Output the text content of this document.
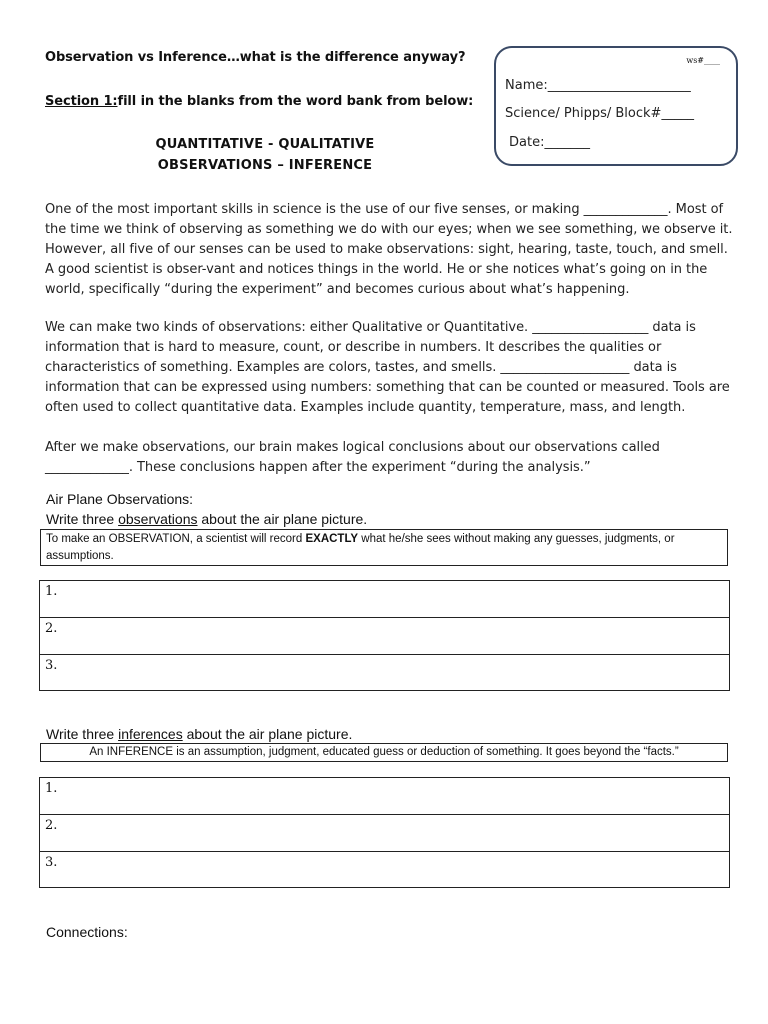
Observation vs Inference…what is the difference anyway?
Section 1:fill in the blanks from the word bank from below:
QUANTITATIVE - QUALITATIVE
OBSERVATIONS – INFERENCE
ws#____
Name:______________________
Science/ Phipps/ Block#_____
Date:_______
One of the most important skills in science is the use of our five senses, or making _____________. Most of the time we think of observing as something we do with our eyes; when we see something, we observe it. However, all five of our senses can be used to make observations: sight, hearing, taste, touch, and smell. A good scientist is obser-vant and notices things in the world. He or she notices what’s going on in the world, specifically “during the experiment” and becomes curious about what’s happening.
We can make two kinds of observations: either Qualitative or Quantitative. __________________ data is information that is hard to measure, count, or describe in numbers. It describes the qualities or characteristics of something. Examples are colors, tastes, and smells. ____________________ data is information that can be expressed using numbers: something that can be counted or measured. Tools are often used to collect quantitative data. Examples include quantity, temperature, mass, and length.
After we make observations, our brain makes logical conclusions about our observations called _____________. These conclusions happen after the experiment “during the analysis.”
Air Plane Observations:
Write three observations about the air plane picture.
To make an OBSERVATION, a scientist will record EXACTLY what he/she sees without making any guesses, judgments, or assumptions.
1.
2.
3.
Write three inferences about the air plane picture.
An INFERENCE is an assumption, judgment, educated guess or deduction of something. It goes beyond the “facts.”
1.
2.
3.
Connections:
